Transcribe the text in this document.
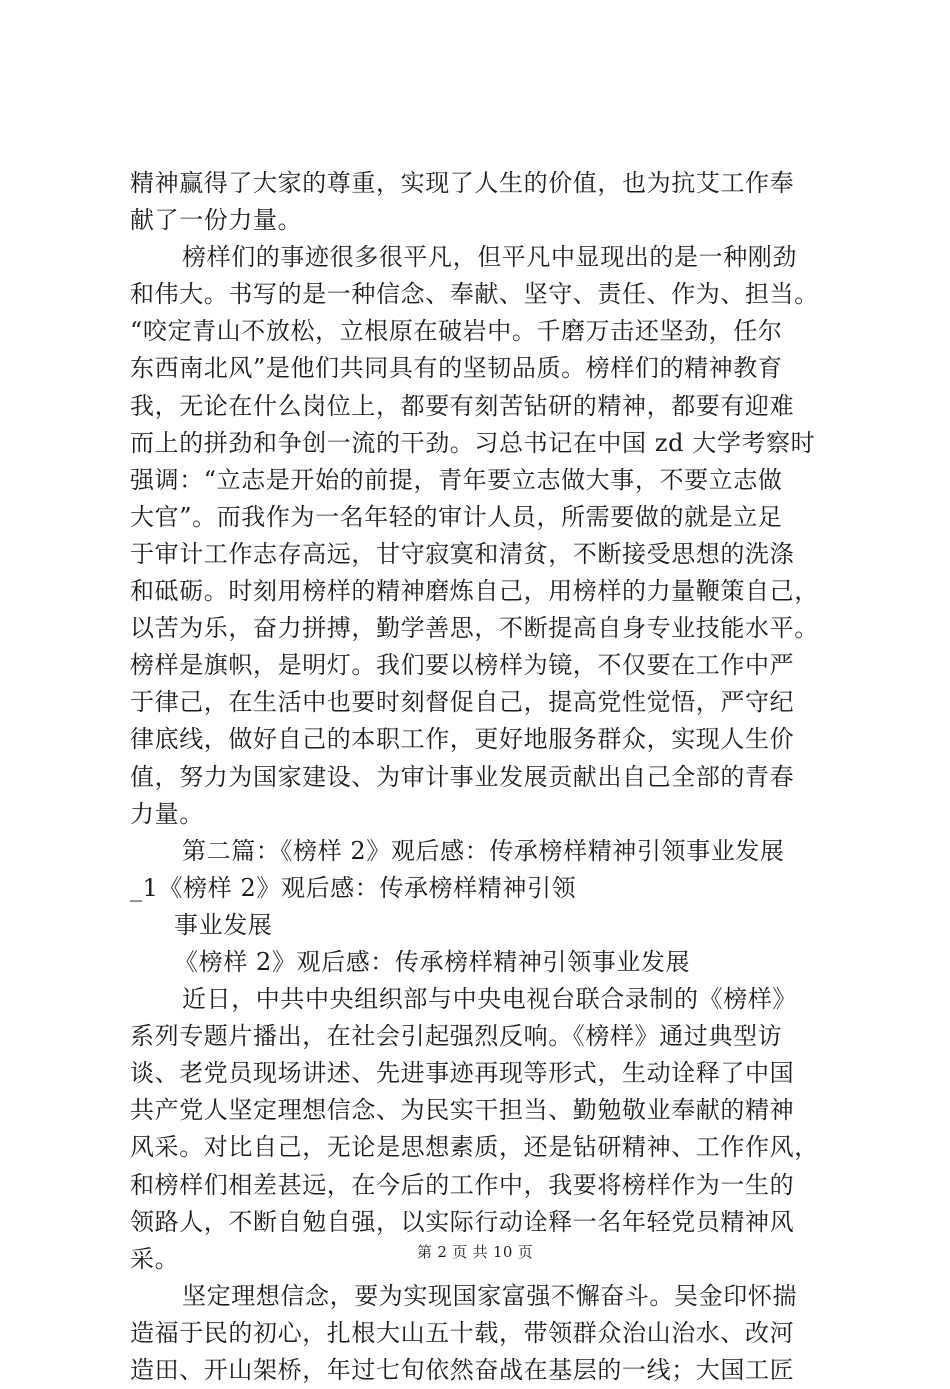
精神赢得了大家的尊重，实现了人生的价值，也为抗艾工作奉
献了一份力量。
榜样们的事迹很多很平凡，但平凡中显现出的是一种刚劲
和伟大。书写的是一种信念、奉献、坚守、责任、作为、担当。
“咬定青山不放松，立根原在破岩中。千磨万击还坚劲，任尔
东西南北风”是他们共同具有的坚韧品质。榜样们的精神教育
我，无论在什么岗位上，都要有刻苦钻研的精神，都要有迎难
而上的拼劲和争创一流的干劲。习总书记在中国 zd 大学考察时
强调：“立志是开始的前提，青年要立志做大事，不要立志做
大官”。而我作为一名年轻的审计人员，所需要做的就是立足
于审计工作志存高远，甘守寂寞和清贫，不断接受思想的洗涤
和砥砺。时刻用榜样的精神磨炼自己，用榜样的力量鞭策自己，
以苦为乐，奋力拼搏，勤学善思，不断提高自身专业技能水平。
榜样是旗帜，是明灯。我们要以榜样为镜，不仅要在工作中严
于律己，在生活中也要时刻督促自己，提高党性觉悟，严守纪
律底线，做好自己的本职工作，更好地服务群众，实现人生价
值，努力为国家建设、为审计事业发展贡献出自己全部的青春
力量。
第二篇：《榜样 2》观后感：传承榜样精神引领事业发展
_1《榜样 2》观后感：传承榜样精神引领
事业发展
《榜样 2》观后感：传承榜样精神引领事业发展
近日，中共中央组织部与中央电视台联合录制的《榜样》
系列专题片播出，在社会引起强烈反响。《榜样》通过典型访
谈、老党员现场讲述、先进事迹再现等形式，生动诠释了中国
共产党人坚定理想信念、为民实干担当、勤勉敬业奉献的精神
风采。对比自己，无论是思想素质，还是钻研精神、工作作风，
和榜样们相差甚远，在今后的工作中，我要将榜样作为一生的
领路人，不断自勉自强，以实际行动诠释一名年轻党员精神风
采。
坚定理想信念，要为实现国家富强不懈奋斗。吴金印怀揣
造福于民的初心，扎根大山五十载，带领群众治山治水、改河
造田、开山架桥，年过七旬依然奋战在基层的一线；大国工匠
第 2 页 共 10 页
